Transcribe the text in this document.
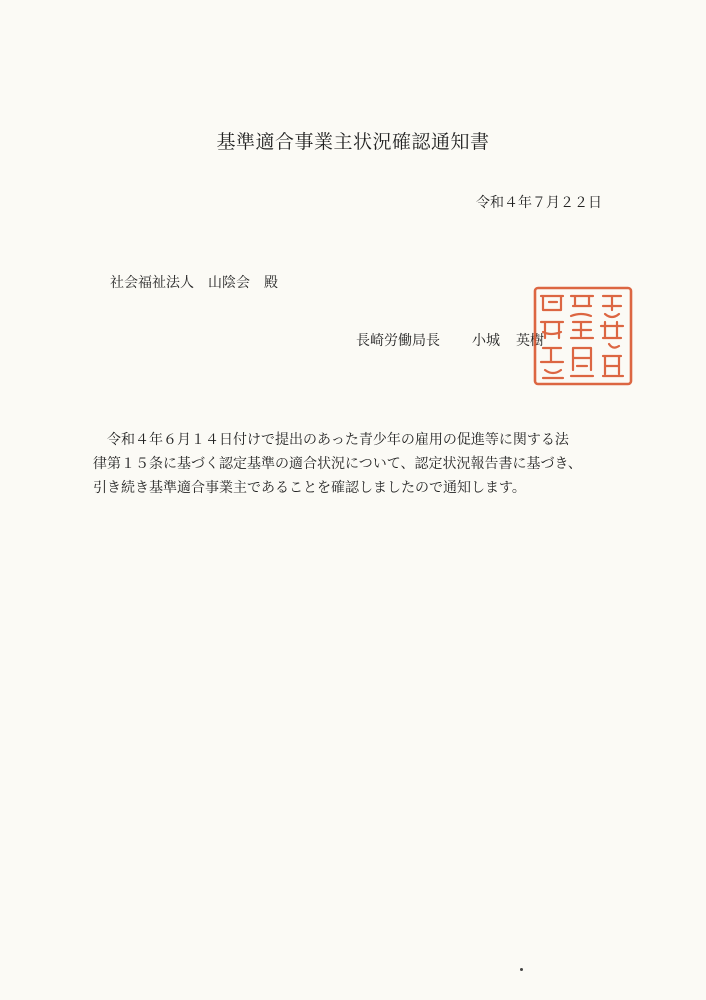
基準適合事業主状況確認通知書
令和４年７月２２日
社会福祉法人　山陰会　殿
長崎労働局長 小城 英樹

　令和４年６月１４日付けで提出のあった青少年の雇用の促進等に関する法

律第１５条に基づく認定基準の適合状況について、認定状況報告書に基づき、

引き続き基準適合事業主であることを確認しましたので通知します。
